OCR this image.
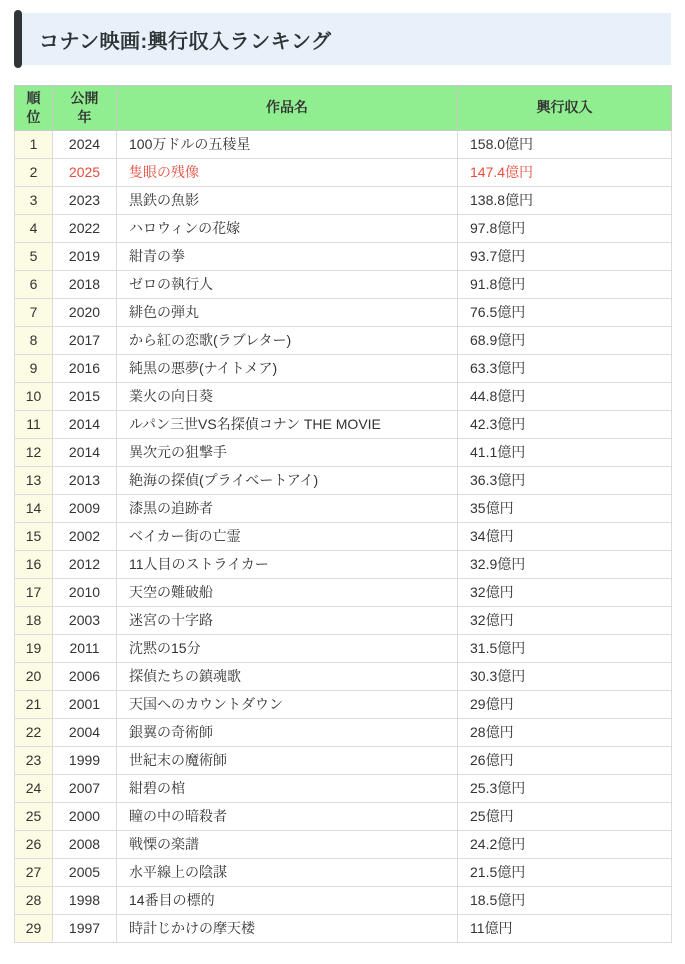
コナン映画:興行収入ランキング
順位	公開年	作品名	興行収入
1	2024	100万ドルの五稜星	158.0億円
2	2025	隻眼の残像	147.4億円
3	2023	黒鉄の魚影	138.8億円
4	2022	ハロウィンの花嫁	97.8億円
5	2019	紺青の拳	93.7億円
6	2018	ゼロの執行人	91.8億円
7	2020	緋色の弾丸	76.5億円
8	2017	から紅の恋歌(ラブレター)	68.9億円
9	2016	純黒の悪夢(ナイトメア)	63.3億円
10	2015	業火の向日葵	44.8億円
11	2014	ルパン三世VS名探偵コナン THE MOVIE	42.3億円
12	2014	異次元の狙撃手	41.1億円
13	2013	絶海の探偵(プライベートアイ)	36.3億円
14	2009	漆黒の追跡者	35億円
15	2002	ベイカー街の亡霊	34億円
16	2012	11人目のストライカー	32.9億円
17	2010	天空の難破船	32億円
18	2003	迷宮の十字路	32億円
19	2011	沈黙の15分	31.5億円
20	2006	探偵たちの鎮魂歌	30.3億円
21	2001	天国へのカウントダウン	29億円
22	2004	銀翼の奇術師	28億円
23	1999	世紀末の魔術師	26億円
24	2007	紺碧の棺	25.3億円
25	2000	瞳の中の暗殺者	25億円
26	2008	戦慄の楽譜	24.2億円
27	2005	水平線上の陰謀	21.5億円
28	1998	14番目の標的	18.5億円
29	1997	時計じかけの摩天楼	11億円
